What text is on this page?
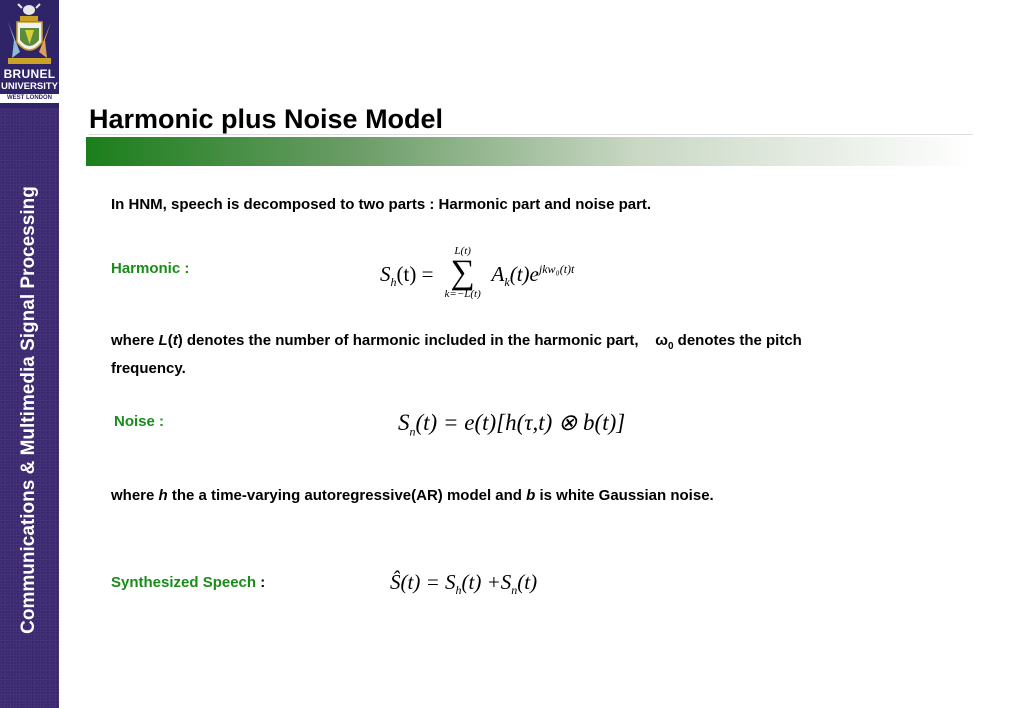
BRUNEL
UNIVERSITY
WEST LONDON
Communications & Multimedia Signal Processing
Harmonic plus Noise Model
In HNM, speech is decomposed to two parts : Harmonic part and noise part.
Harmonic :	$S_h(t)$ =
L(t)
∑
k=−L(t)
$A_k(t)e^{jkw_0(t)t}$
where L(t) denotes the number of harmonic included in the harmonic part, $\omega_0$ denotes the pitch
frequency.
Noise :	$S_n(t) = e(t)[h(\tau,t)$ ⊗ b(t)]
where h the a time-varying autoregressive(AR) model and b is white Gaussian noise.
Synthesized Speech :	Ŝ(t) = $S_h(t) +S_n(t)$
